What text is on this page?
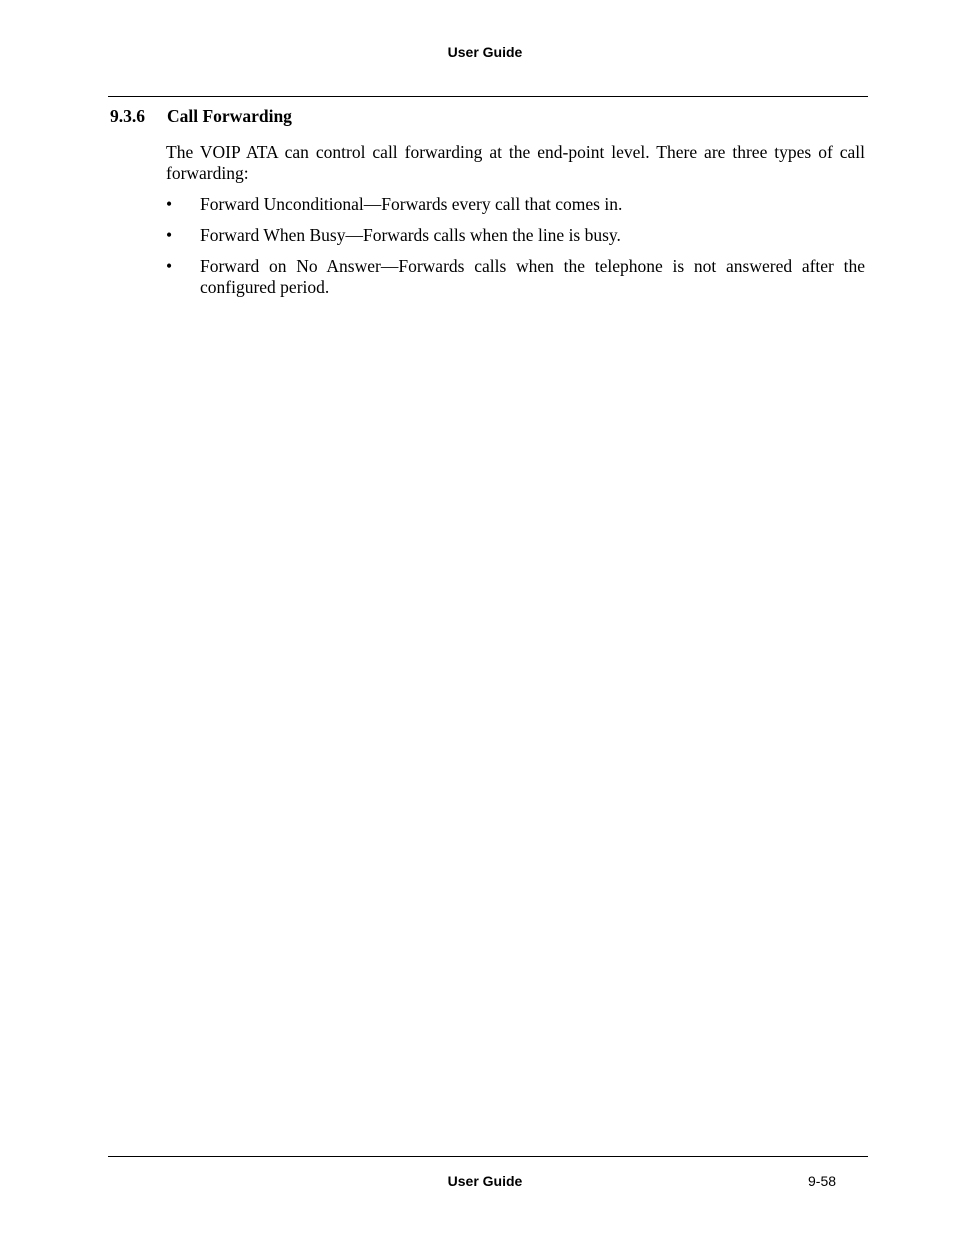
User Guide
9.3.6 Call Forwarding
The VOIP ATA can control call forwarding at the end-point level. There are three types of call forwarding:
• Forward Unconditional—Forwards every call that comes in.
• Forward When Busy—Forwards calls when the line is busy.
• Forward on No Answer—Forwards calls when the telephone is not answered after the configured period.
User Guide	9-58
